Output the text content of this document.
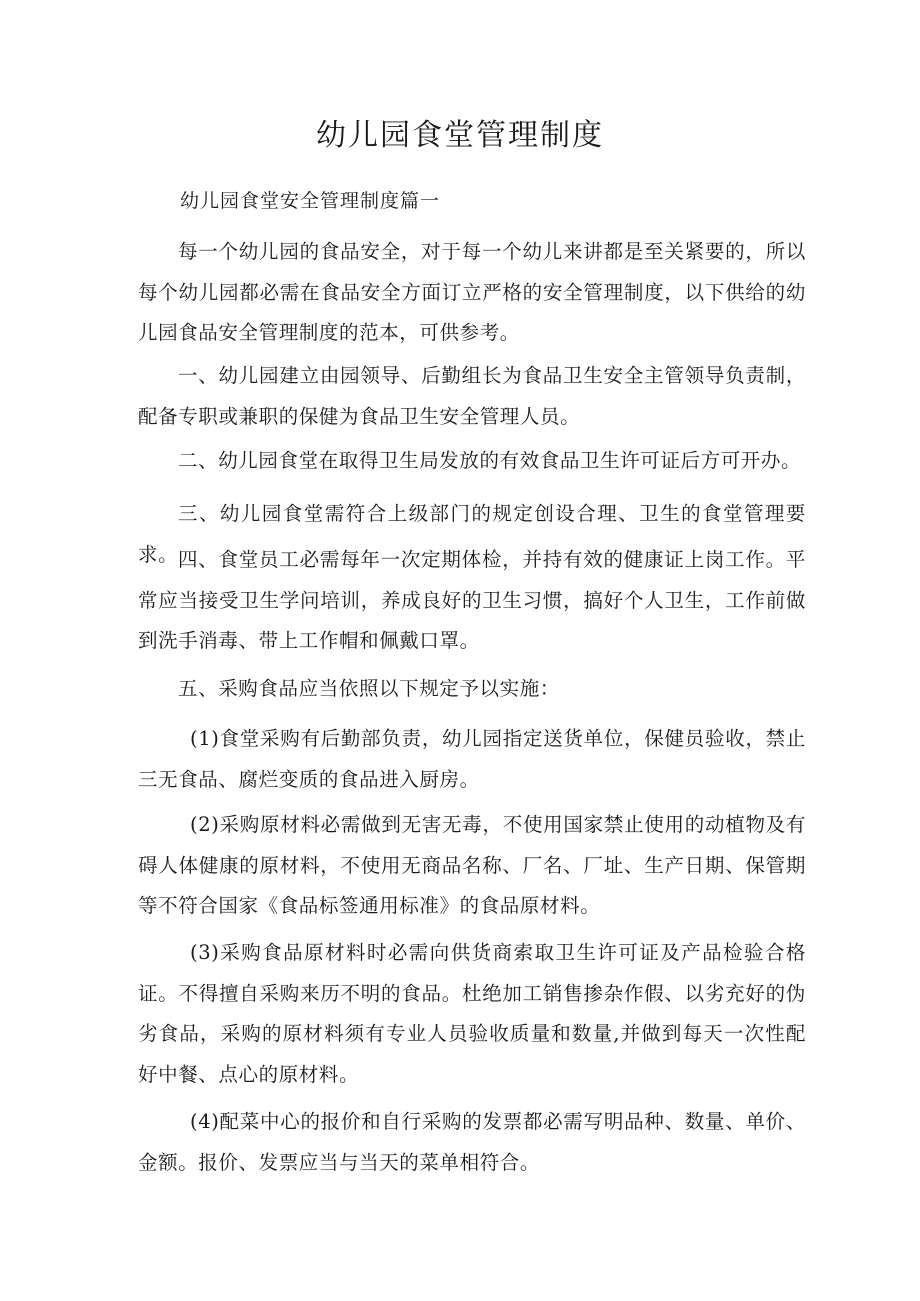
幼儿园食堂管理制度

幼儿园食堂安全管理制度篇一

每一个幼儿园的食品安全，对于每一个幼儿来讲都是至关紧要的，所以每个幼儿园都必需在食品安全方面订立严格的安全管理制度，以下供给的幼儿园食品安全管理制度的范本，可供参考。

一、幼儿园建立由园领导、后勤组长为食品卫生安全主管领导负责制，配备专职或兼职的保健为食品卫生安全管理人员。

二、幼儿园食堂在取得卫生局发放的有效食品卫生许可证后方可开办。

三、幼儿园食堂需符合上级部门的规定创设合理、卫生的食堂管理要求。 四、食堂员工必需每年一次定期体检，并持有效的健康证上岗工作。平常应当接受卫生学问培训，养成良好的卫生习惯，搞好个人卫生，工作前做到洗手消毒、带上工作帽和佩戴口罩。

五、采购食品应当依照以下规定予以实施：

(1)食堂采购有后勤部负责，幼儿园指定送货单位，保健员验收，禁止三无食品、腐烂变质的食品进入厨房。

(2)采购原材料必需做到无害无毒，不使用国家禁止使用的动植物及有碍人体健康的原材料，不使用无商品名称、厂名、厂址、生产日期、保管期等不符合国家《食品标签通用标准》的食品原材料。

(3)采购食品原材料时必需向供货商索取卫生许可证及产品检验合格证。不得擅自采购来历不明的食品。杜绝加工销售掺杂作假、以劣充好的伪劣食品，采购的原材料须有专业人员验收质量和数量,并做到每天一次性配好中餐、点心的原材料。

(4)配菜中心的报价和自行采购的发票都必需写明品种、数量、单价、金额。报价、发票应当与当天的菜单相符合。
